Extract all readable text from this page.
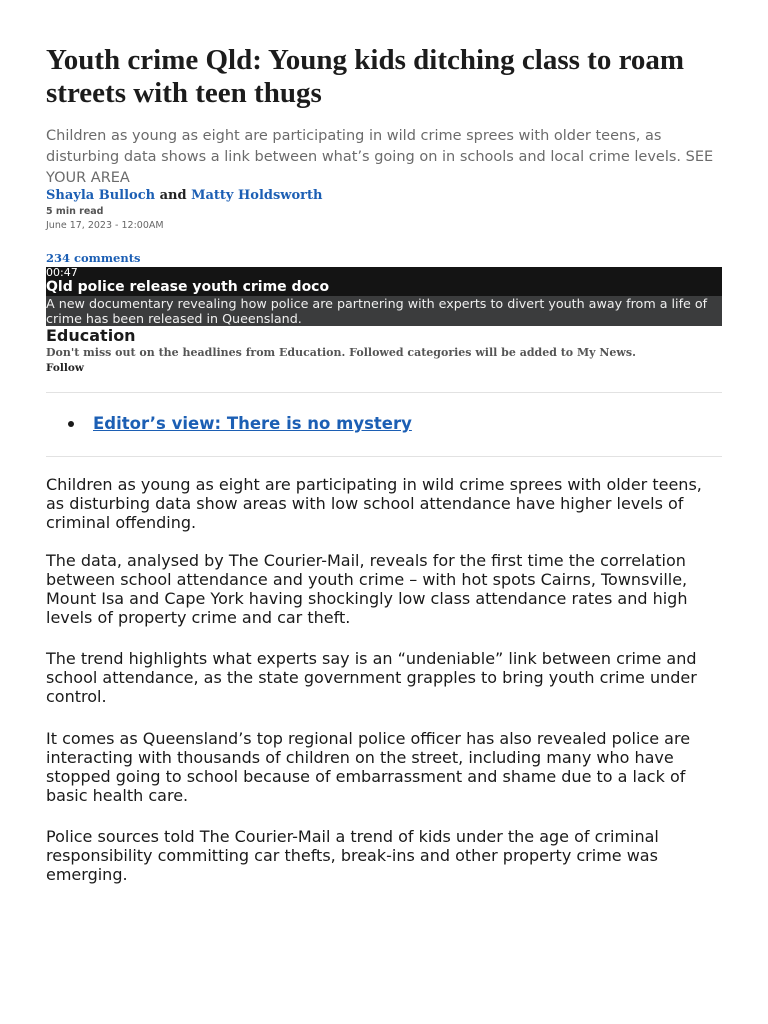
Youth crime Qld: Young kids ditching class to roam streets with teen thugs

Children as young as eight are participating in wild crime sprees with older teens, as disturbing data shows a link between what’s going on in schools and local crime levels. SEE YOUR AREA

Shayla Bulloch and Matty Holdsworth
5 min read
June 17, 2023 - 12:00AM
234 comments
00:47
Qld police release youth crime doco
A new documentary revealing how police are partnering with experts to divert youth away from a life of crime has been released in Queensland.
Education
Don't miss out on the headlines from Education. Followed categories will be added to My News.
Follow
Editor’s view: There is no mystery

Children as young as eight are participating in wild crime sprees with older teens, as disturbing data show areas with low school attendance have higher levels of criminal offending.

The data, analysed by The Courier-Mail, reveals for the first time the correlation between school attendance and youth crime – with hot spots Cairns, Townsville, Mount Isa and Cape York having shockingly low class attendance rates and high levels of property crime and car theft.

The trend highlights what experts say is an “undeniable” link between crime and school attendance, as the state government grapples to bring youth crime under control.

It comes as Queensland’s top regional police officer has also revealed police are interacting with thousands of children on the street, including many who have stopped going to school because of embarrassment and shame due to a lack of basic health care.

Police sources told The Courier-Mail a trend of kids under the age of criminal responsibility committing car thefts, break-ins and other property crime was emerging.
